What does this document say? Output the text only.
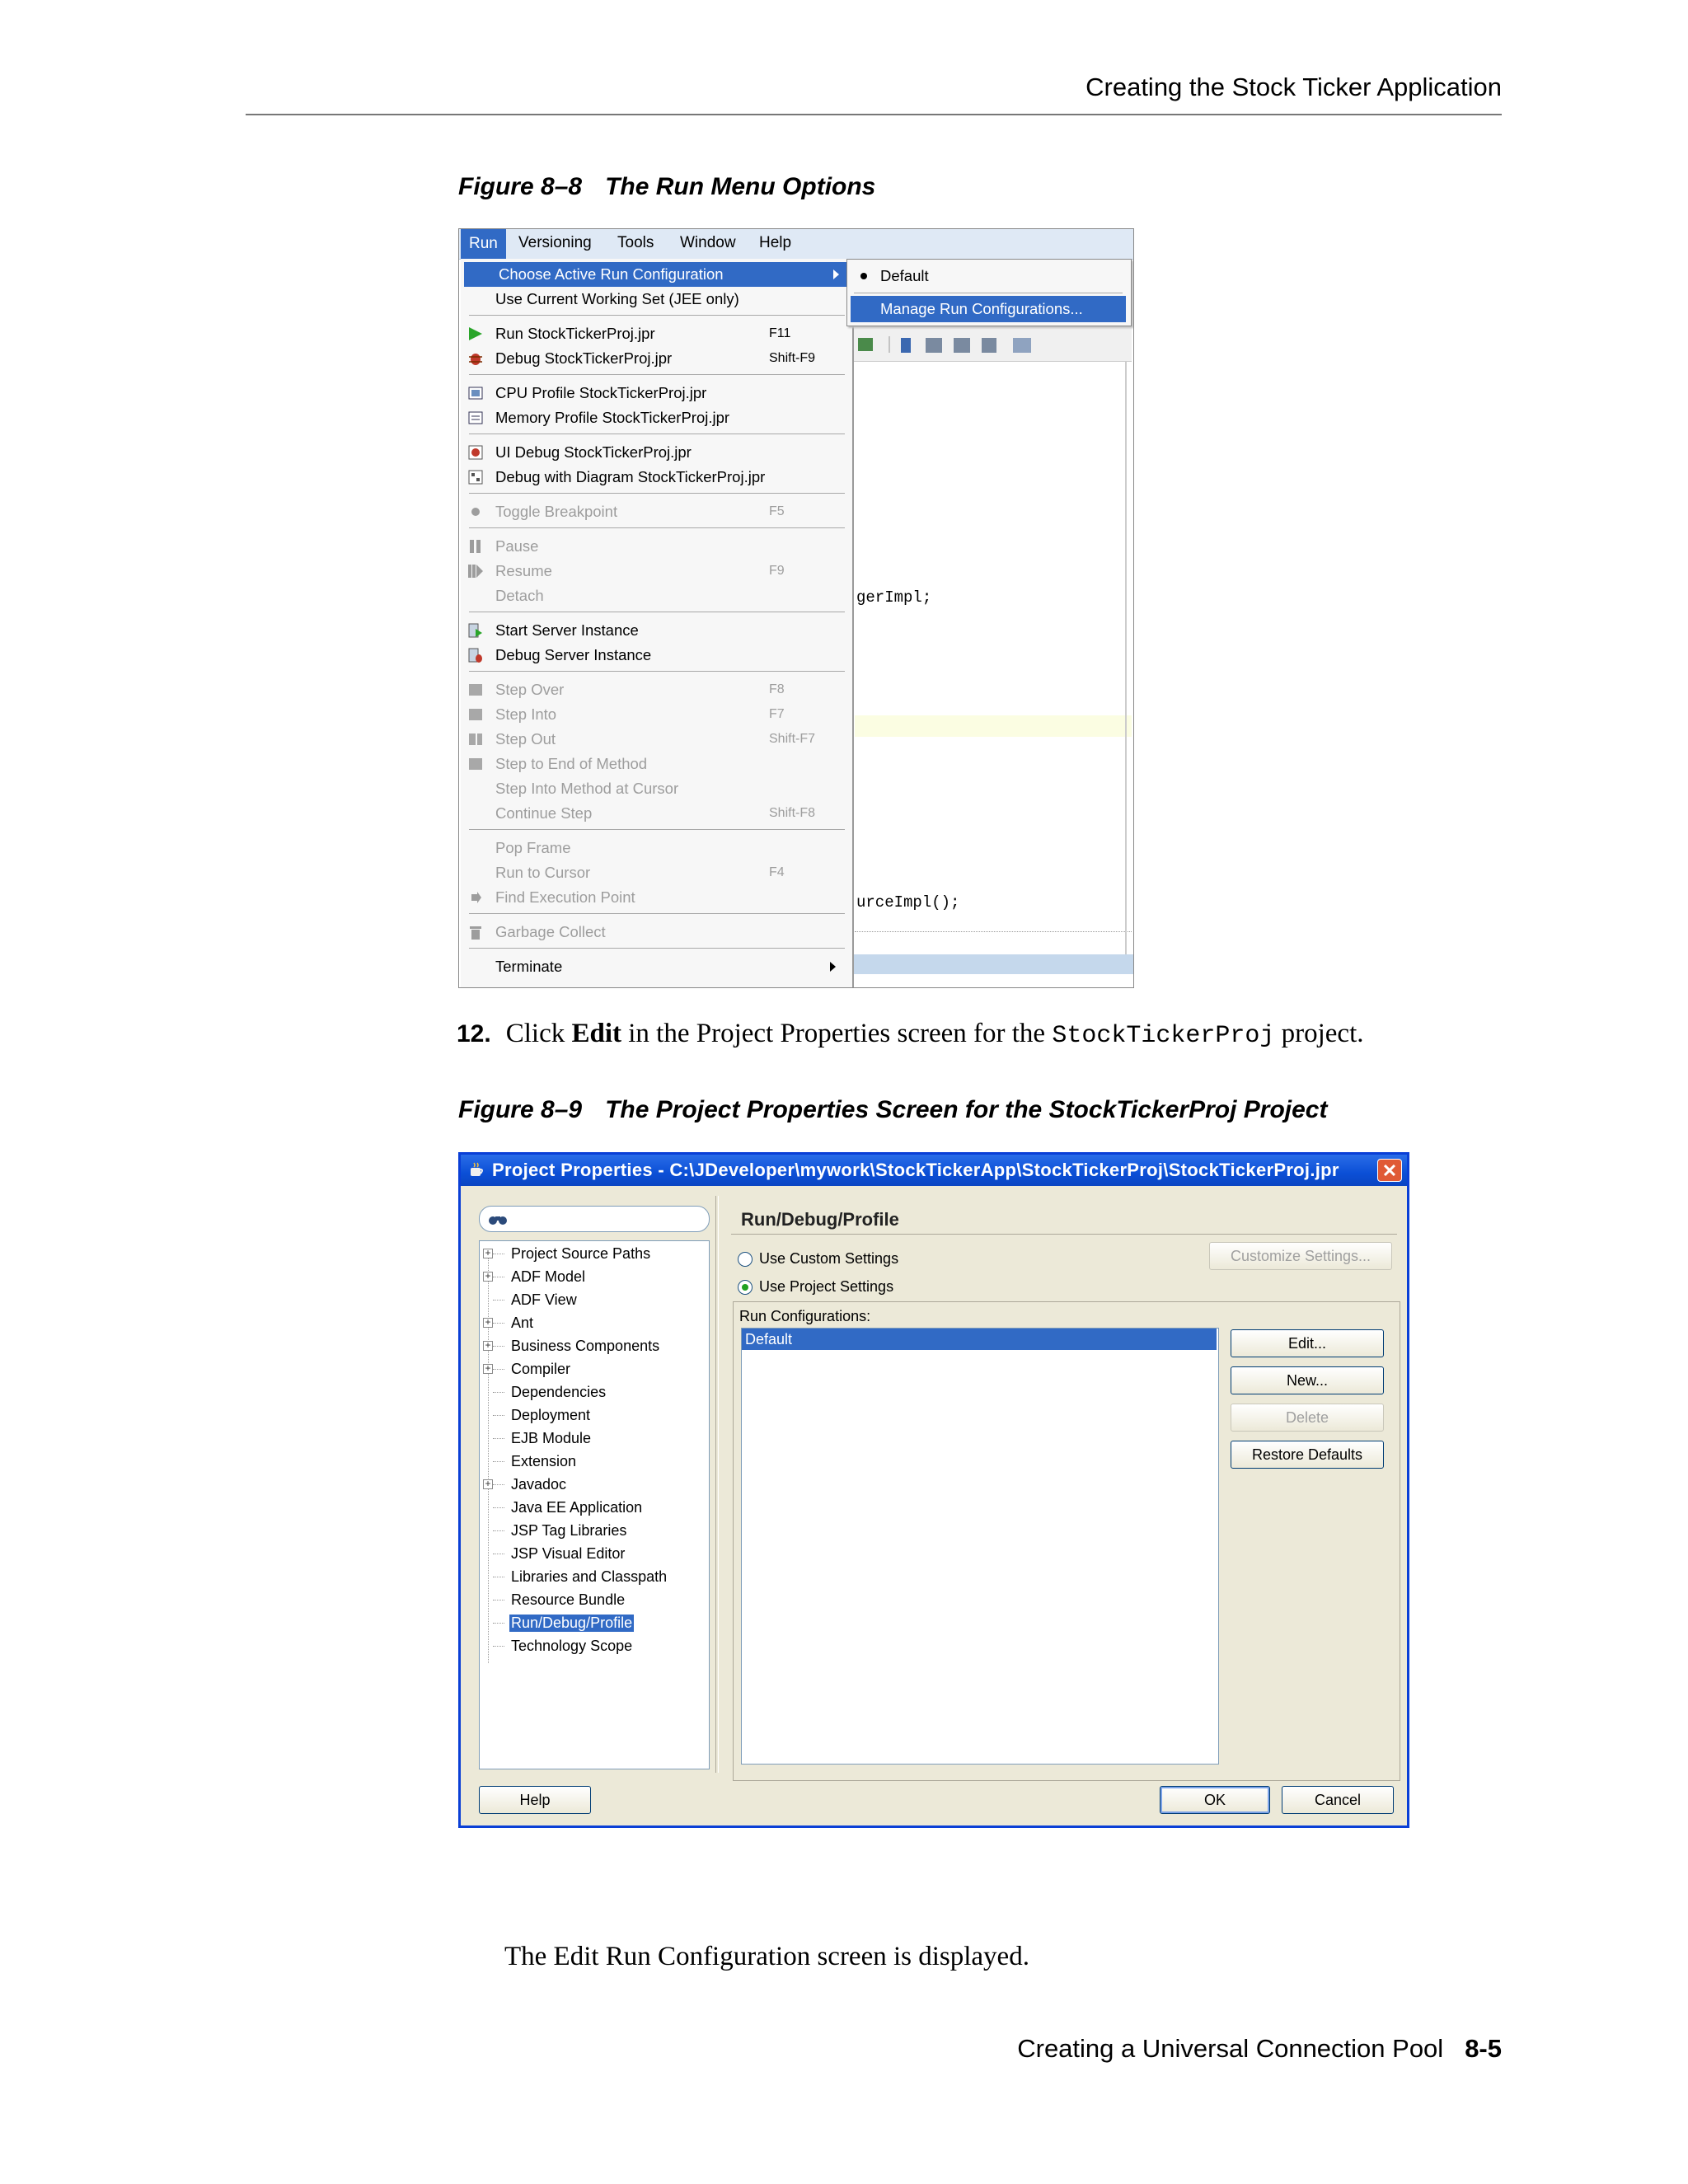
Creating the Stock Ticker Application
Figure 8–8 The Run Menu Options
gerImpl;
urceImpl();
Run	Versioning Tools Window Help
Choose Active Run Configuration
Use Current Working Set (JEE only)
Run StockTickerProj.jpr	F11
Debug StockTickerProj.jpr	Shift-F9
CPU Profile StockTickerProj.jpr
Memory Profile StockTickerProj.jpr
UI Debug StockTickerProj.jpr
Debug with Diagram StockTickerProj.jpr
Toggle Breakpoint	F5
Pause
Resume	F9
Detach
Start Server Instance
Debug Server Instance
Step Over	F8
Step Into	F7
Step Out	Shift-F7
Step to End of Method
Step Into Method at Cursor
Continue Step	Shift-F8
Pop Frame
Run to Cursor	F4
Find Execution Point
Garbage Collect
Terminate
Default
Manage Run Configurations...
12. Click Edit in the Project Properties screen for the StockTickerProj project.
Figure 8–9 The Project Properties Screen for the StockTickerProj Project
Project Properties - C:\JDeveloper\mywork\StockTickerApp\StockTickerProj\StockTickerProj.jpr ✕
+ Project Source Paths
+ ADF Model
ADF View
+ Ant
+ Business Components
+ Compiler
Dependencies
Deployment
EJB Module
Extension
+ Javadoc
Java EE Application
JSP Tag Libraries
JSP Visual Editor
Libraries and Classpath
Resource Bundle
Run/Debug/Profile
Technology Scope
Run/Debug/Profile
Use Custom Settings
Use Project Settings
Customize Settings...
Run Configurations:
Default	Edit...
New...
Delete
Restore Defaults
Help	OK	Cancel
The Edit Run Configuration screen is displayed.
Creating a Universal Connection Pool 8-5
